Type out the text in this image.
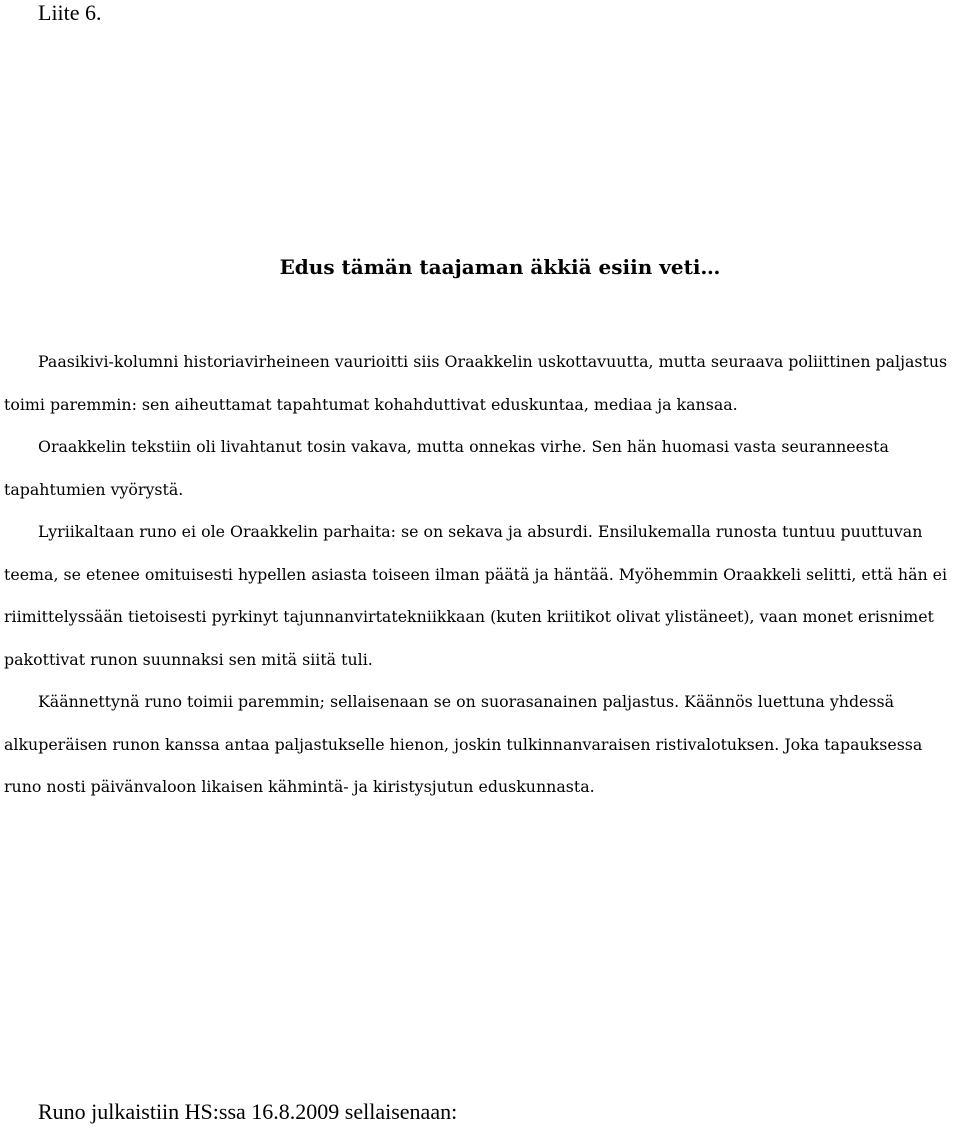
Liite 6.
Edus tämän taajaman äkkiä esiin veti…

Paasikivi-kolumni historiavirheineen vaurioitti siis Oraakkelin uskottavuutta, mutta seuraava poliittinen paljastus toimi paremmin: sen aiheuttamat tapahtumat kohahduttivat eduskuntaa, mediaa ja kansaa.

Oraakkelin tekstiin oli livahtanut tosin vakava, mutta onnekas virhe. Sen hän huomasi vasta seuranneesta tapahtumien vyörystä.

Lyriikaltaan runo ei ole Oraakkelin parhaita: se on sekava ja absurdi. Ensilukemalla runosta tuntuu puuttuvan teema, se etenee omituisesti hypellen asiasta toiseen ilman päätä ja häntää. Myöhemmin Oraakkeli selitti, että hän ei riimittelyssään tietoisesti pyrkinyt tajunnanvirtatekniikkaan (kuten kriitikot olivat ylistäneet), vaan monet erisnimet pakottivat runon suunnaksi sen mitä siitä tuli.

Käännettynä runo toimii paremmin; sellaisenaan se on suorasanainen paljastus. Käännös luettuna yhdessä alkuperäisen runon kanssa antaa paljastukselle hienon, joskin tulkinnanvaraisen ristivalotuksen. Joka tapauksessa runo nosti päivänvaloon likaisen kähmintä- ja kiristysjutun eduskunnasta.

Runo julkaistiin HS:ssa 16.8.2009 sellaisenaan:
